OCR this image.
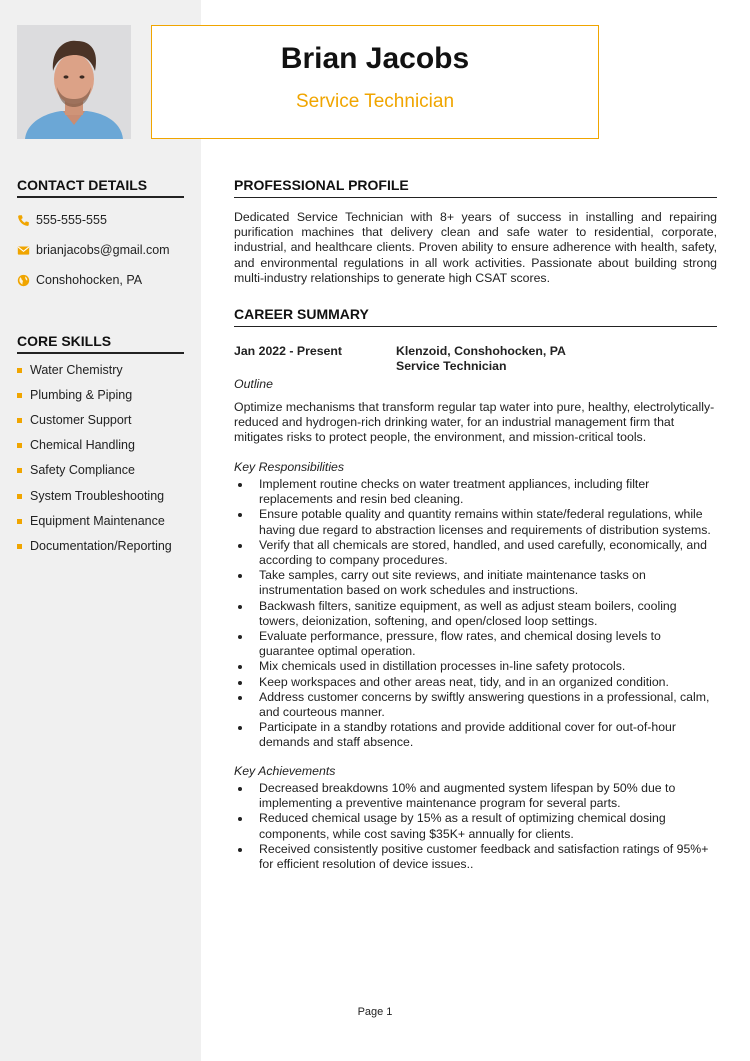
Brian Jacobs
Service Technician
CONTACT DETAILS
555-555-555
brianjacobs@gmail.com
Conshohocken, PA
CORE SKILLS
Water Chemistry
Plumbing & Piping
Customer Support
Chemical Handling
Safety Compliance
System Troubleshooting
Equipment Maintenance
Documentation/Reporting
PROFESSIONAL PROFILE
Dedicated Service Technician with 8+ years of success in installing and repairing purification machines that delivery clean and safe water to residential, corporate, industrial, and healthcare clients. Proven ability to ensure adherence with health, safety, and environmental regulations in all work activities. Passionate about building strong multi-industry relationships to generate high CSAT scores.
CAREER SUMMARY
Jan 2022 - Present	Klenzoid, Conshohocken, PA
Service Technician
Outline
Optimize mechanisms that transform regular tap water into pure, healthy, electrolytically-reduced and hydrogen-rich drinking water, for an industrial management firm that mitigates risks to protect people, the environment, and mission-critical tools.
Key Responsibilities
Implement routine checks on water treatment appliances, including filter replacements and resin bed cleaning.
Ensure potable quality and quantity remains within state/federal regulations, while having due regard to abstraction licenses and requirements of distribution systems.
Verify that all chemicals are stored, handled, and used carefully, economically, and according to company procedures.
Take samples, carry out site reviews, and initiate maintenance tasks on instrumentation based on work schedules and instructions.
Backwash filters, sanitize equipment, as well as adjust steam boilers, cooling towers, deionization, softening, and open/closed loop settings.
Evaluate performance, pressure, flow rates, and chemical dosing levels to guarantee optimal operation.
Mix chemicals used in distillation processes in-line safety protocols.
Keep workspaces and other areas neat, tidy, and in an organized condition.
Address customer concerns by swiftly answering questions in a professional, calm, and courteous manner.
Participate in a standby rotations and provide additional cover for out-of-hour demands and staff absence.
Key Achievements
Decreased breakdowns 10% and augmented system lifespan by 50% due to implementing a preventive maintenance program for several parts.
Reduced chemical usage by 15% as a result of optimizing chemical dosing components, while cost saving $35K+ annually for clients.
Received consistently positive customer feedback and satisfaction ratings of 95%+ for efficient resolution of device issues..
Page 1
